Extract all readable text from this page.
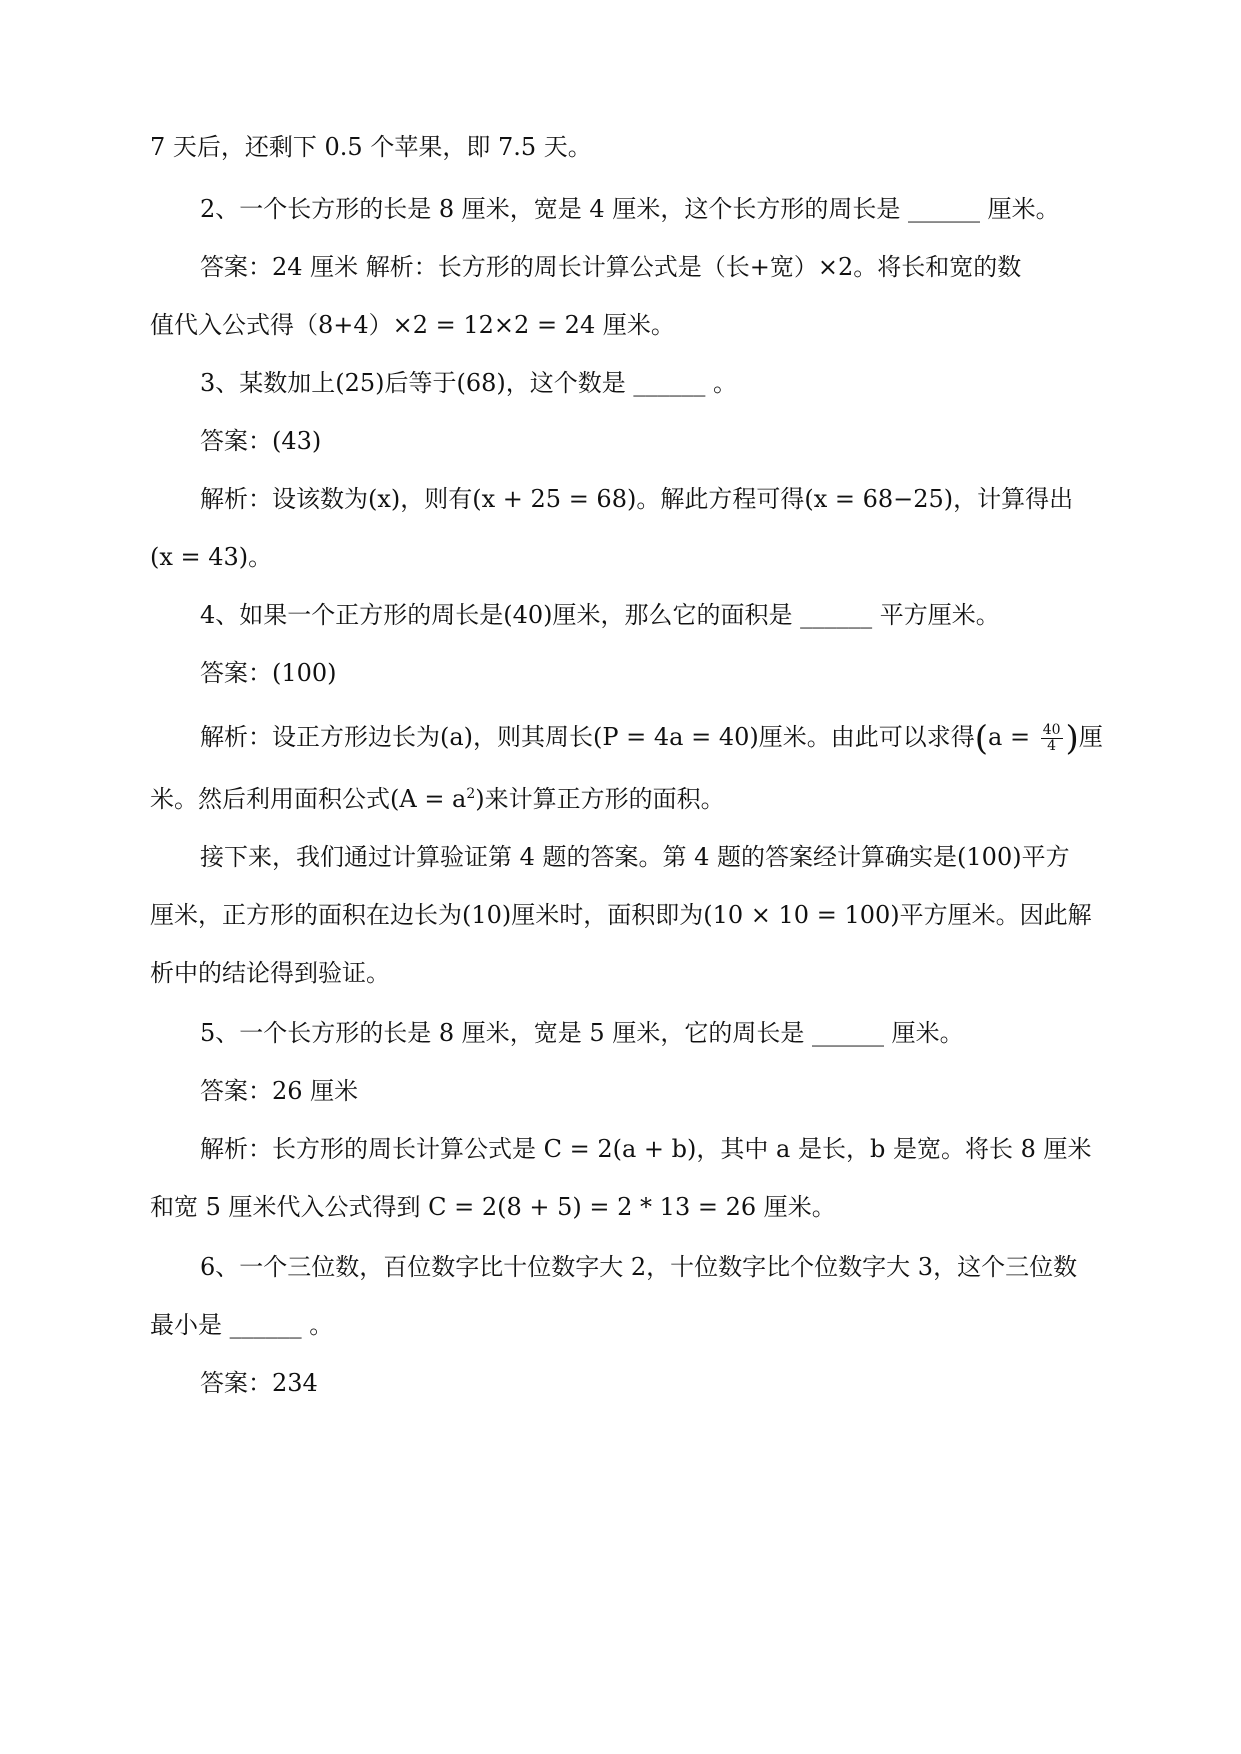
7 天后，还剩下 0.5 个苹果，即 7.5 天。
2、一个长方形的长是 8 厘米，宽是 4 厘米，这个长方形的周长是 ______ 厘米。
答案：24 厘米 解析：长方形的周长计算公式是（长+宽）×2。将长和宽的数
值代入公式得（8+4）×2 = 12×2 = 24 厘米。
3、某数加上(25)后等于(68)，这个数是 ______ 。
答案：(43)
解析：设该数为(x)，则有(x + 25 = 68)。解此方程可得(x = 68−25)，计算得出
(x = 43)。
4、如果一个正方形的周长是(40)厘米，那么它的面积是 ______ 平方厘米。
答案：(100)
解析：设正方形边长为(a)，则其周长(P = 4a = 40)厘米。由此可以求得($a = \frac{40}{4}$ )厘
米。然后利用面积公式$(A = a^2)$来计算正方形的面积。
接下来，我们通过计算验证第 4 题的答案。第 4 题的答案经计算确实是(100)平方
厘米，正方形的面积在边长为(10)厘米时，面积即为(10 × 10 = 100)平方厘米。因此解
析中的结论得到验证。
5、一个长方形的长是 8 厘米，宽是 5 厘米，它的周长是 ______ 厘米。
答案：26 厘米
解析：长方形的周长计算公式是 C = 2(a + b)，其中 a 是长，b 是宽。将长 8 厘米
和宽 5 厘米代入公式得到 C = 2(8 + 5) = 2 * 13 = 26 厘米。
6、一个三位数，百位数字比十位数字大 2，十位数字比个位数字大 3，这个三位数
最小是 ______ 。
答案：234
